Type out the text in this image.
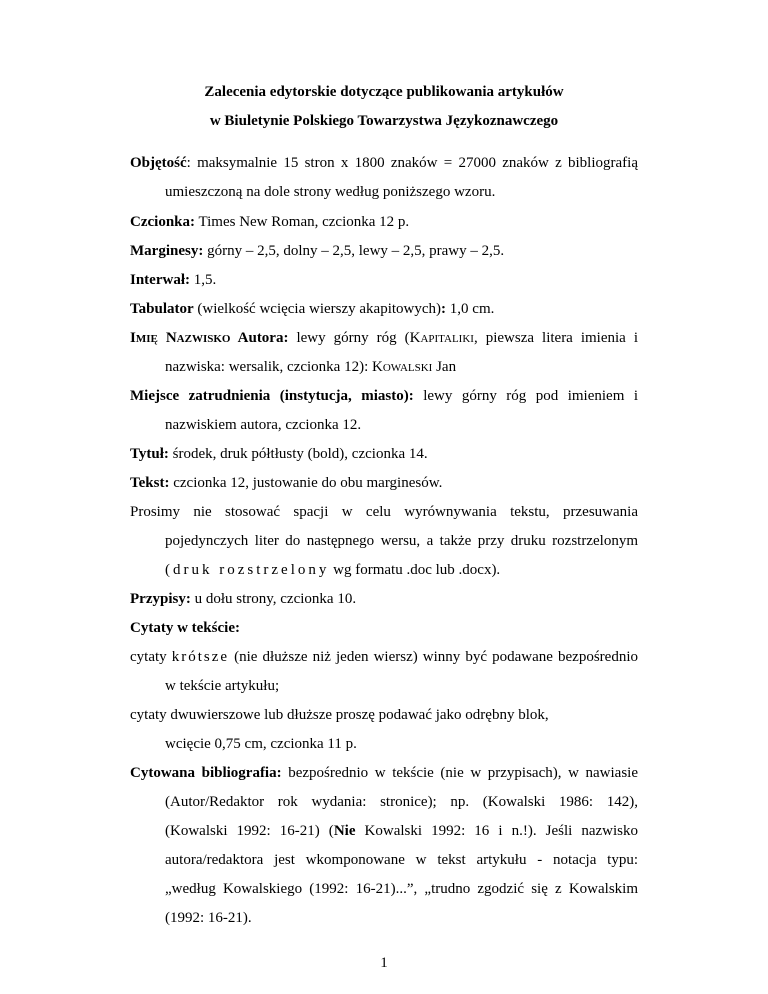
Zalecenia edytorskie dotyczące publikowania artykułów
w Biuletynie Polskiego Towarzystwa Językoznawczego
Objętość: maksymalnie 15 stron x 1800 znaków = 27000 znaków z bibliografią
umieszczoną na dole strony według poniższego wzoru.
Czcionka: Times New Roman, czcionka 12 p.
Marginesy: górny – 2,5, dolny – 2,5, lewy – 2,5, prawy – 2,5.
Interwał: 1,5.
Tabulator (wielkość wcięcia wierszy akapitowych): 1,0 cm.
Imię Nazwisko Autora: lewy górny róg (Kapitaliki, piewsza litera imienia i
nazwiska: wersalik, czcionka 12): Kowalski Jan
Miejsce zatrudnienia (instytucja, miasto): lewy górny róg pod imieniem i
nazwiskiem autora, czcionka 12.
Tytuł: środek, druk półtłusty (bold), czcionka 14.
Tekst: czcionka 12, justowanie do obu marginesów.
Prosimy nie stosować spacji w celu wyrównywania tekstu, przesuwania
pojedynczych liter do następnego wersu, a także przy druku rozstrzelonym
(druk rozstrzelony wg formatu .doc lub .docx).
Przypisy: u dołu strony, czcionka 10.
Cytaty w tekście:
cytaty krótsze (nie dłuższe niż jeden wiersz) winny być podawane bezpośrednio
w tekście artykułu;
cytaty dwuwierszowe lub dłuższe proszę podawać jako odrębny blok,
wcięcie 0,75 cm, czcionka 11 p.
Cytowana bibliografia: bezpośrednio w tekście (nie w przypisach), w nawiasie
(Autor/Redaktor rok wydania: stronice); np. (Kowalski 1986: 142),
(Kowalski 1992: 16-21) (Nie Kowalski 1992: 16 i n.!). Jeśli nazwisko
autora/redaktora jest wkomponowane w tekst artykułu - notacja typu:
„według Kowalskiego (1992: 16-21)...”, „trudno zgodzić się z Kowalskim
(1992: 16-21).
1
